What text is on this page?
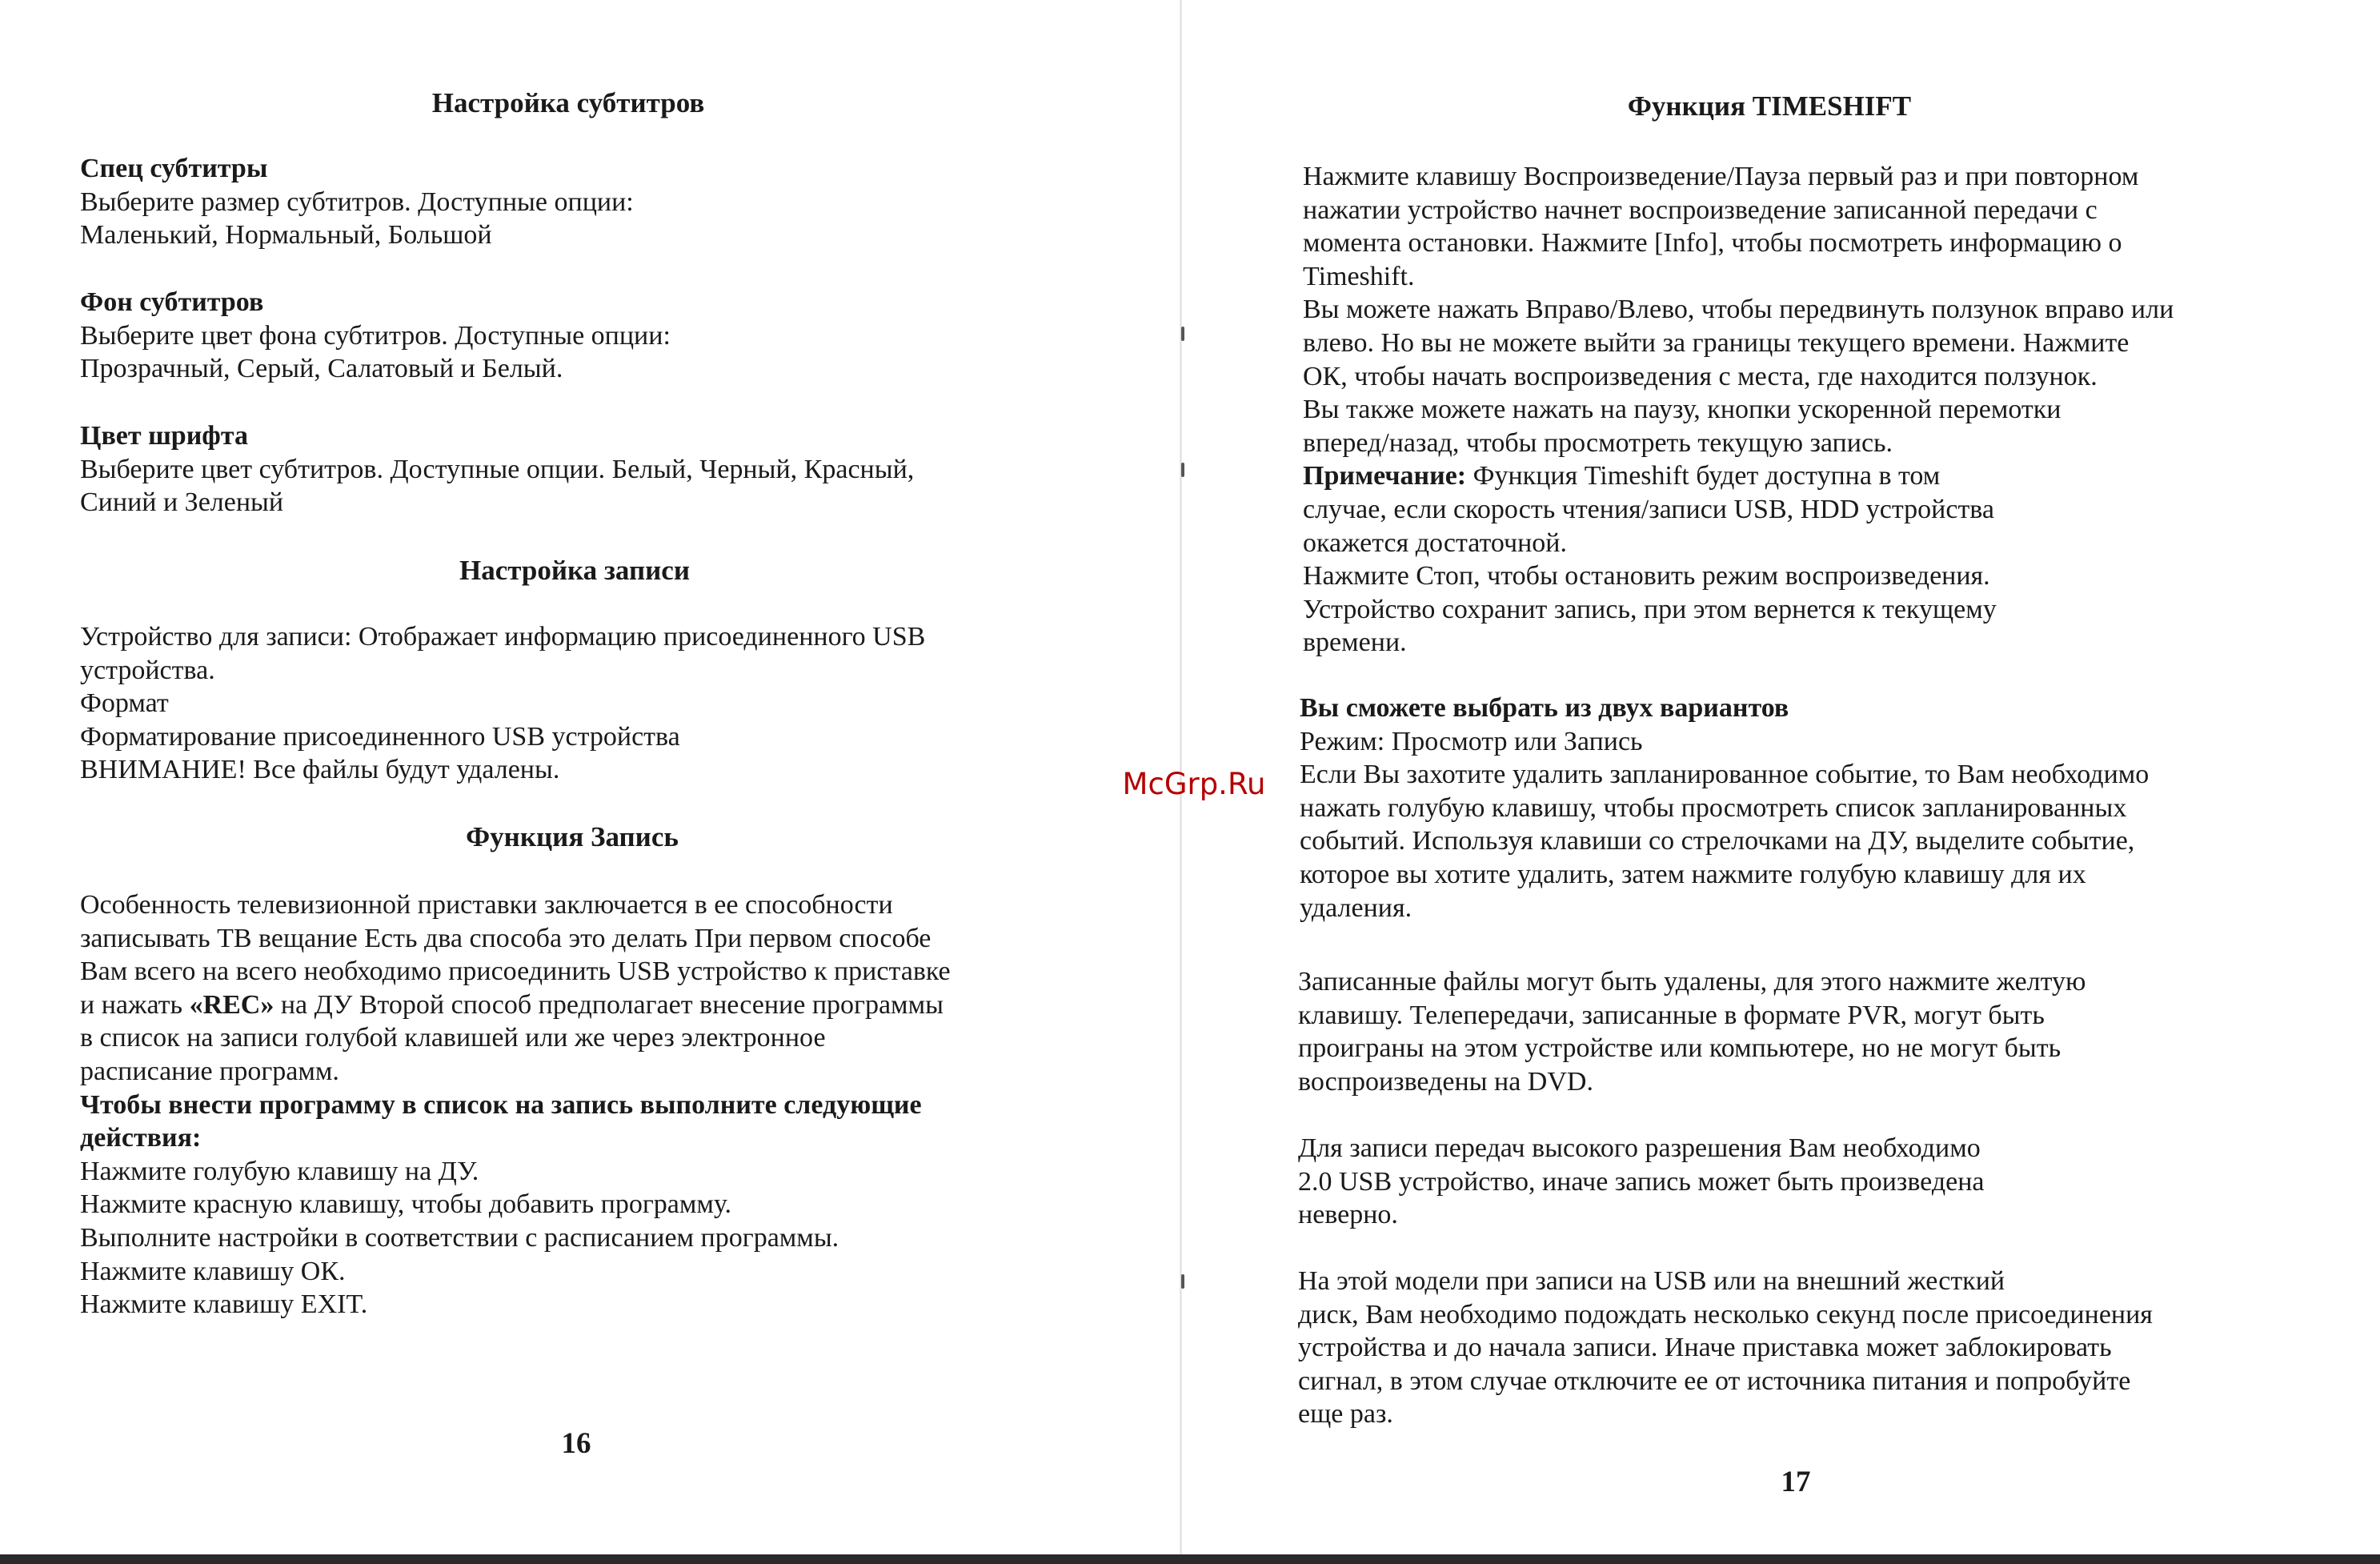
Настройка субтитров
Спец субтитры
Выберите размер субтитров. Доступные опции:
Маленький, Нормальный, Большой
Фон субтитров
Выберите цвет фона субтитров. Доступные опции:
Прозрачный, Серый, Салатовый и Белый.
Цвет шрифта
Выберите цвет субтитров. Доступные опции. Белый, Черный, Красный,
Синий и Зеленый
Настройка записи
Устройство для записи: Отображает информацию присоединенного USB
устройства.
Формат
Форматирование присоединенного USB устройства
ВНИМАНИЕ! Все файлы будут удалены.
Функция Запись
Особенность телевизионной приставки заключается в ее способности
записывать ТВ вещание Есть два способа это делать При первом способе
Вам всего на всего необходимо присоединить USB устройство к приставке
и нажать «REC» на ДУ Второй способ предполагает внесение программы
в список на записи голубой клавишей или же через электронное
расписание программ.
Чтобы внести программу в список на запись выполните следующие
действия:
Нажмите голубую клавишу на ДУ.
Нажмите красную клавишу, чтобы добавить программу.
Выполните настройки в соответствии с расписанием программы.
Нажмите клавишу ОК.
Нажмите клавишу EXIT.
16
Функция TIMESHIFT
Нажмите клавишу Воспроизведение/Пауза первый раз и при повторном
нажатии устройство начнет воспроизведение записанной передачи с
момента остановки. Нажмите [Info], чтобы посмотреть информацию о
Timeshift.
Вы можете нажать Вправо/Влево, чтобы передвинуть ползунок вправо или
влево. Но вы не можете выйти за границы текущего времени. Нажмите
ОК, чтобы начать воспроизведения с места, где находится ползунок.
Вы также можете нажать на паузу, кнопки ускоренной перемотки
вперед/назад, чтобы просмотреть текущую запись.
Примечание: Функция Timeshift будет доступна в том
случае, если скорость чтения/записи USB, HDD устройства
окажется достаточной.
Нажмите Стоп, чтобы остановить режим воспроизведения.
Устройство сохранит запись, при этом вернется к текущему
времени.
Вы сможете выбрать из двух вариантов
Режим: Просмотр или Запись
Если Вы захотите удалить запланированное событие, то Вам необходимо
нажать голубую клавишу, чтобы просмотреть список запланированных
событий. Используя клавиши со стрелочками на ДУ, выделите событие,
которое вы хотите удалить, затем нажмите голубую клавишу для их
удаления.
Записанные файлы могут быть удалены, для этого нажмите желтую
клавишу. Телепередачи, записанные в формате PVR, могут быть
проиграны на этом устройстве или компьютере, но не могут быть
воспроизведены на DVD.
Для записи передач высокого разрешения Вам необходимо
2.0 USB устройство, иначе запись может быть произведена
неверно.
На этой модели при записи на USB или на внешний жесткий
диск, Вам необходимо подождать несколько секунд после присоединения
устройства и до начала записи. Иначе приставка может заблокировать
сигнал, в этом случае отключите ее от источника питания и попробуйте
еще раз.
17
McGrp.Ru
